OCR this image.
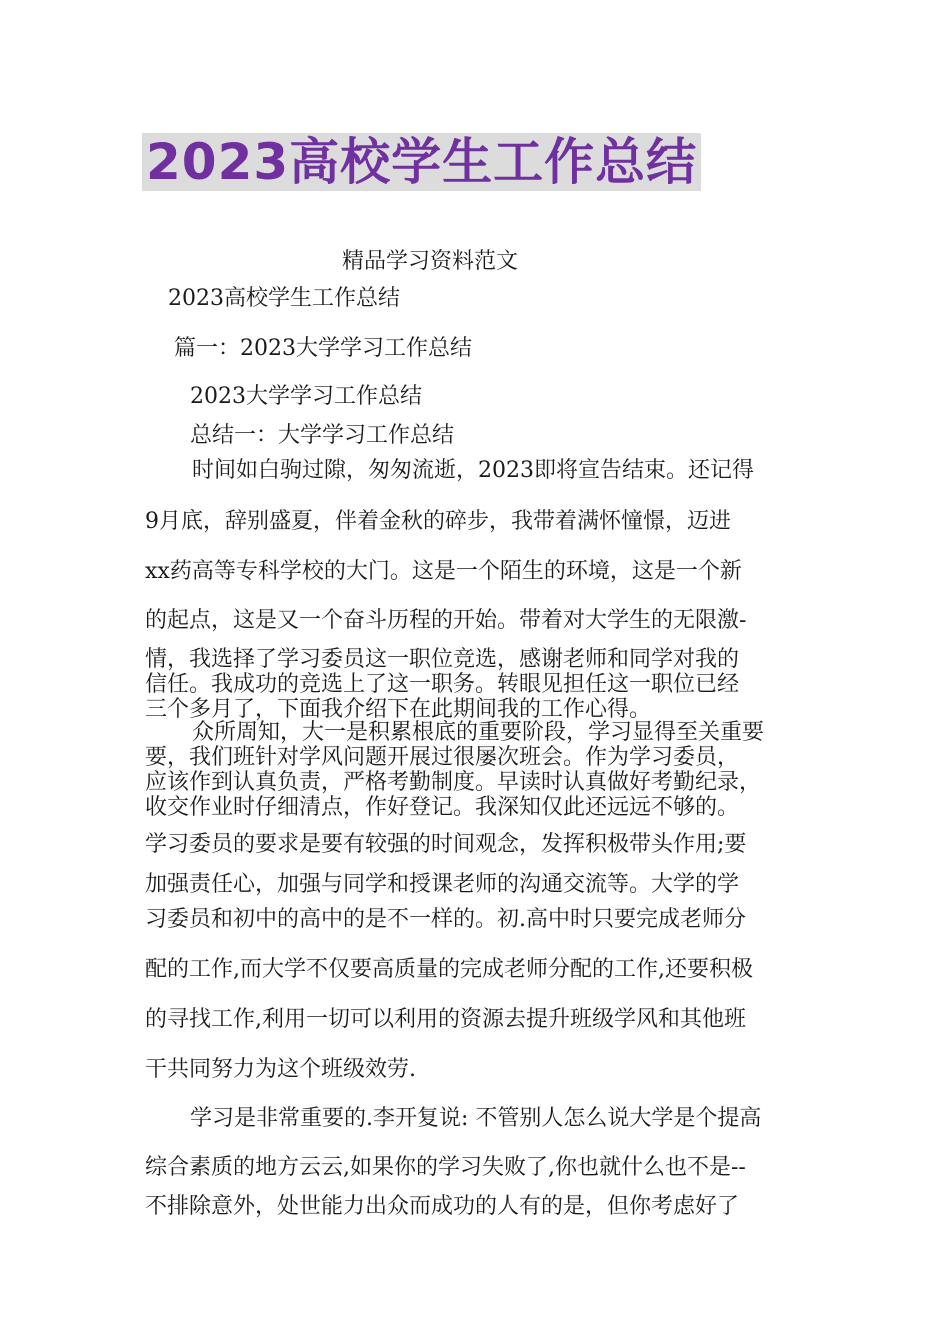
2023高校学生工作总结
精品学习资料范文
2023高校学生工作总结
篇一：2023大学学习工作总结
2023大学学习工作总结
总结一：大学学习工作总结
时间如白驹过隙，匆匆流逝，2023即将宣告结束。还记得
9月底，辞别盛夏，伴着金秋的碎步，我带着满怀憧憬，迈进
xx药高等专科学校的大门。这是一个陌生的环境，这是一个新
的起点，这是又一个奋斗历程的开始。带着对大学生的无限激-
情，我选择了学习委员这一职位竞选，感谢老师和同学对我的
信任。我成功的竞选上了这一职务。转眼见担任这一职位已经
三个多月了，下面我介绍下在此期间我的工作心得。
众所周知，大一是积累根底的重要阶段，学习显得至关重要
要，我们班针对学风问题开展过很屡次班会。作为学习委员，
应该作到认真负责，严格考勤制度。早读时认真做好考勤纪录，
收交作业时仔细清点，作好登记。我深知仅此还远远不够的。
学习委员的要求是要有较强的时间观念，发挥积极带头作用;要
加强责任心，加强与同学和授课老师的沟通交流等。大学的学
习委员和初中的高中的是不一样的。初.高中时只要完成老师分
配的工作,而大学不仅要高质量的完成老师分配的工作,还要积极
的寻找工作,利用一切可以利用的资源去提升班级学风和其他班
干共同努力为这个班级效劳.
学习是非常重要的.李开复说: 不管别人怎么说大学是个提高
综合素质的地方云云,如果你的学习失败了,你也就什么也不是--
不排除意外，处世能力出众而成功的人有的是，但你考虑好了
